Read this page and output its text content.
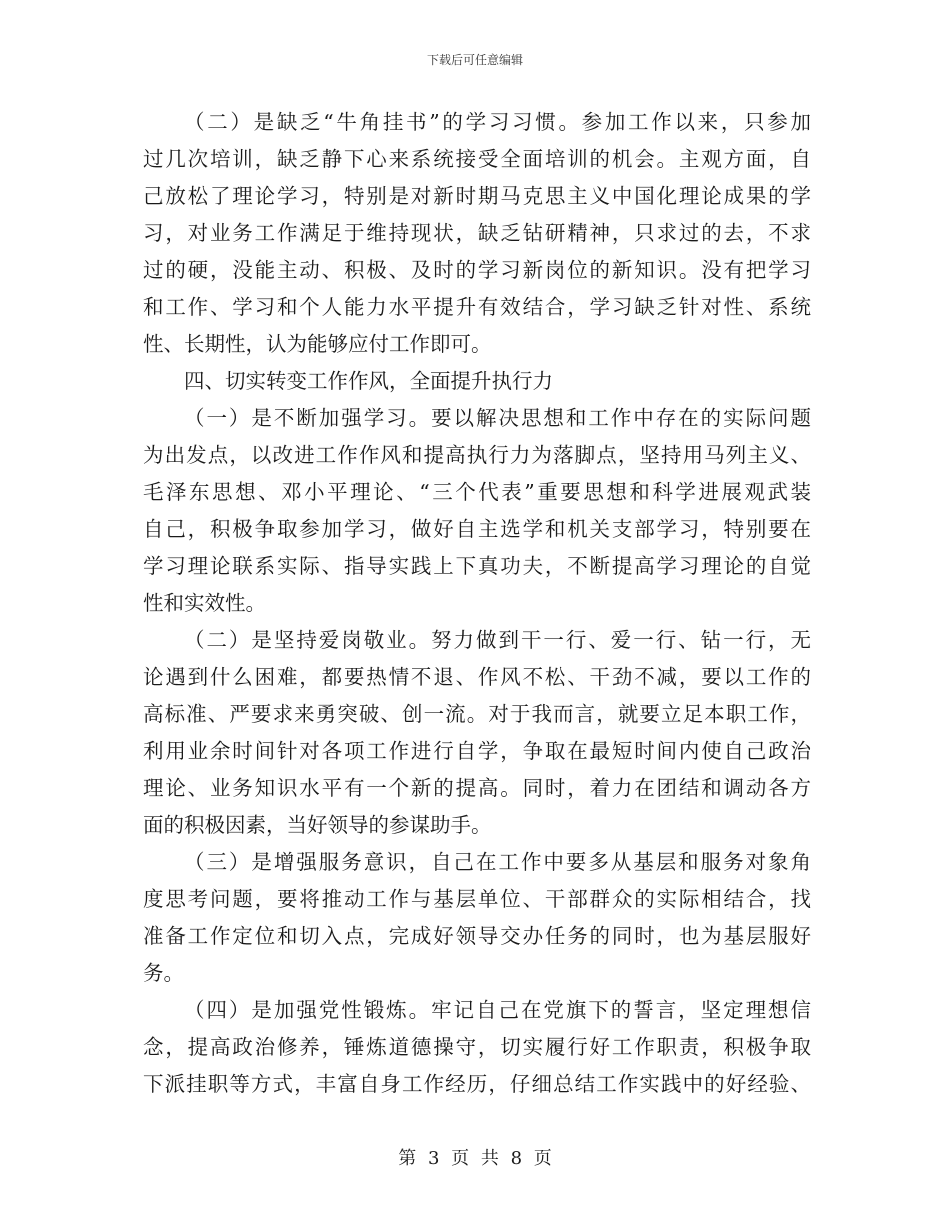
下载后可任意编辑
（二）是缺乏“牛角挂书”的学习习惯。参加工作以来，只参加
过几次培训，缺乏静下心来系统接受全面培训的机会。主观方面，自
己放松了理论学习，特别是对新时期马克思主义中国化理论成果的学
习，对业务工作满足于维持现状，缺乏钻研精神，只求过的去，不求
过的硬，没能主动、积极、及时的学习新岗位的新知识。没有把学习
和工作、学习和个人能力水平提升有效结合，学习缺乏针对性、系统
性、长期性，认为能够应付工作即可。
四、切实转变工作作风，全面提升执行力
（一）是不断加强学习。要以解决思想和工作中存在的实际问题
为出发点，以改进工作作风和提高执行力为落脚点，坚持用马列主义、
毛泽东思想、邓小平理论、“三个代表”重要思想和科学进展观武装
自己，积极争取参加学习，做好自主选学和机关支部学习，特别要在
学习理论联系实际、指导实践上下真功夫，不断提高学习理论的自觉
性和实效性。
（二）是坚持爱岗敬业。努力做到干一行、爱一行、钻一行，无
论遇到什么困难，都要热情不退、作风不松、干劲不减，要以工作的
高标准、严要求来勇突破、创一流。对于我而言，就要立足本职工作，
利用业余时间针对各项工作进行自学，争取在最短时间内使自己政治
理论、业务知识水平有一个新的提高。同时，着力在团结和调动各方
面的积极因素，当好领导的参谋助手。
（三）是增强服务意识，自己在工作中要多从基层和服务对象角
度思考问题，要将推动工作与基层单位、干部群众的实际相结合，找
准备工作定位和切入点，完成好领导交办任务的同时，也为基层服好
务。
（四）是加强党性锻炼。牢记自己在党旗下的誓言，坚定理想信
念，提高政治修养，锤炼道德操守，切实履行好工作职责，积极争取
下派挂职等方式，丰富自身工作经历，仔细总结工作实践中的好经验、
第 3 页 共 8 页
